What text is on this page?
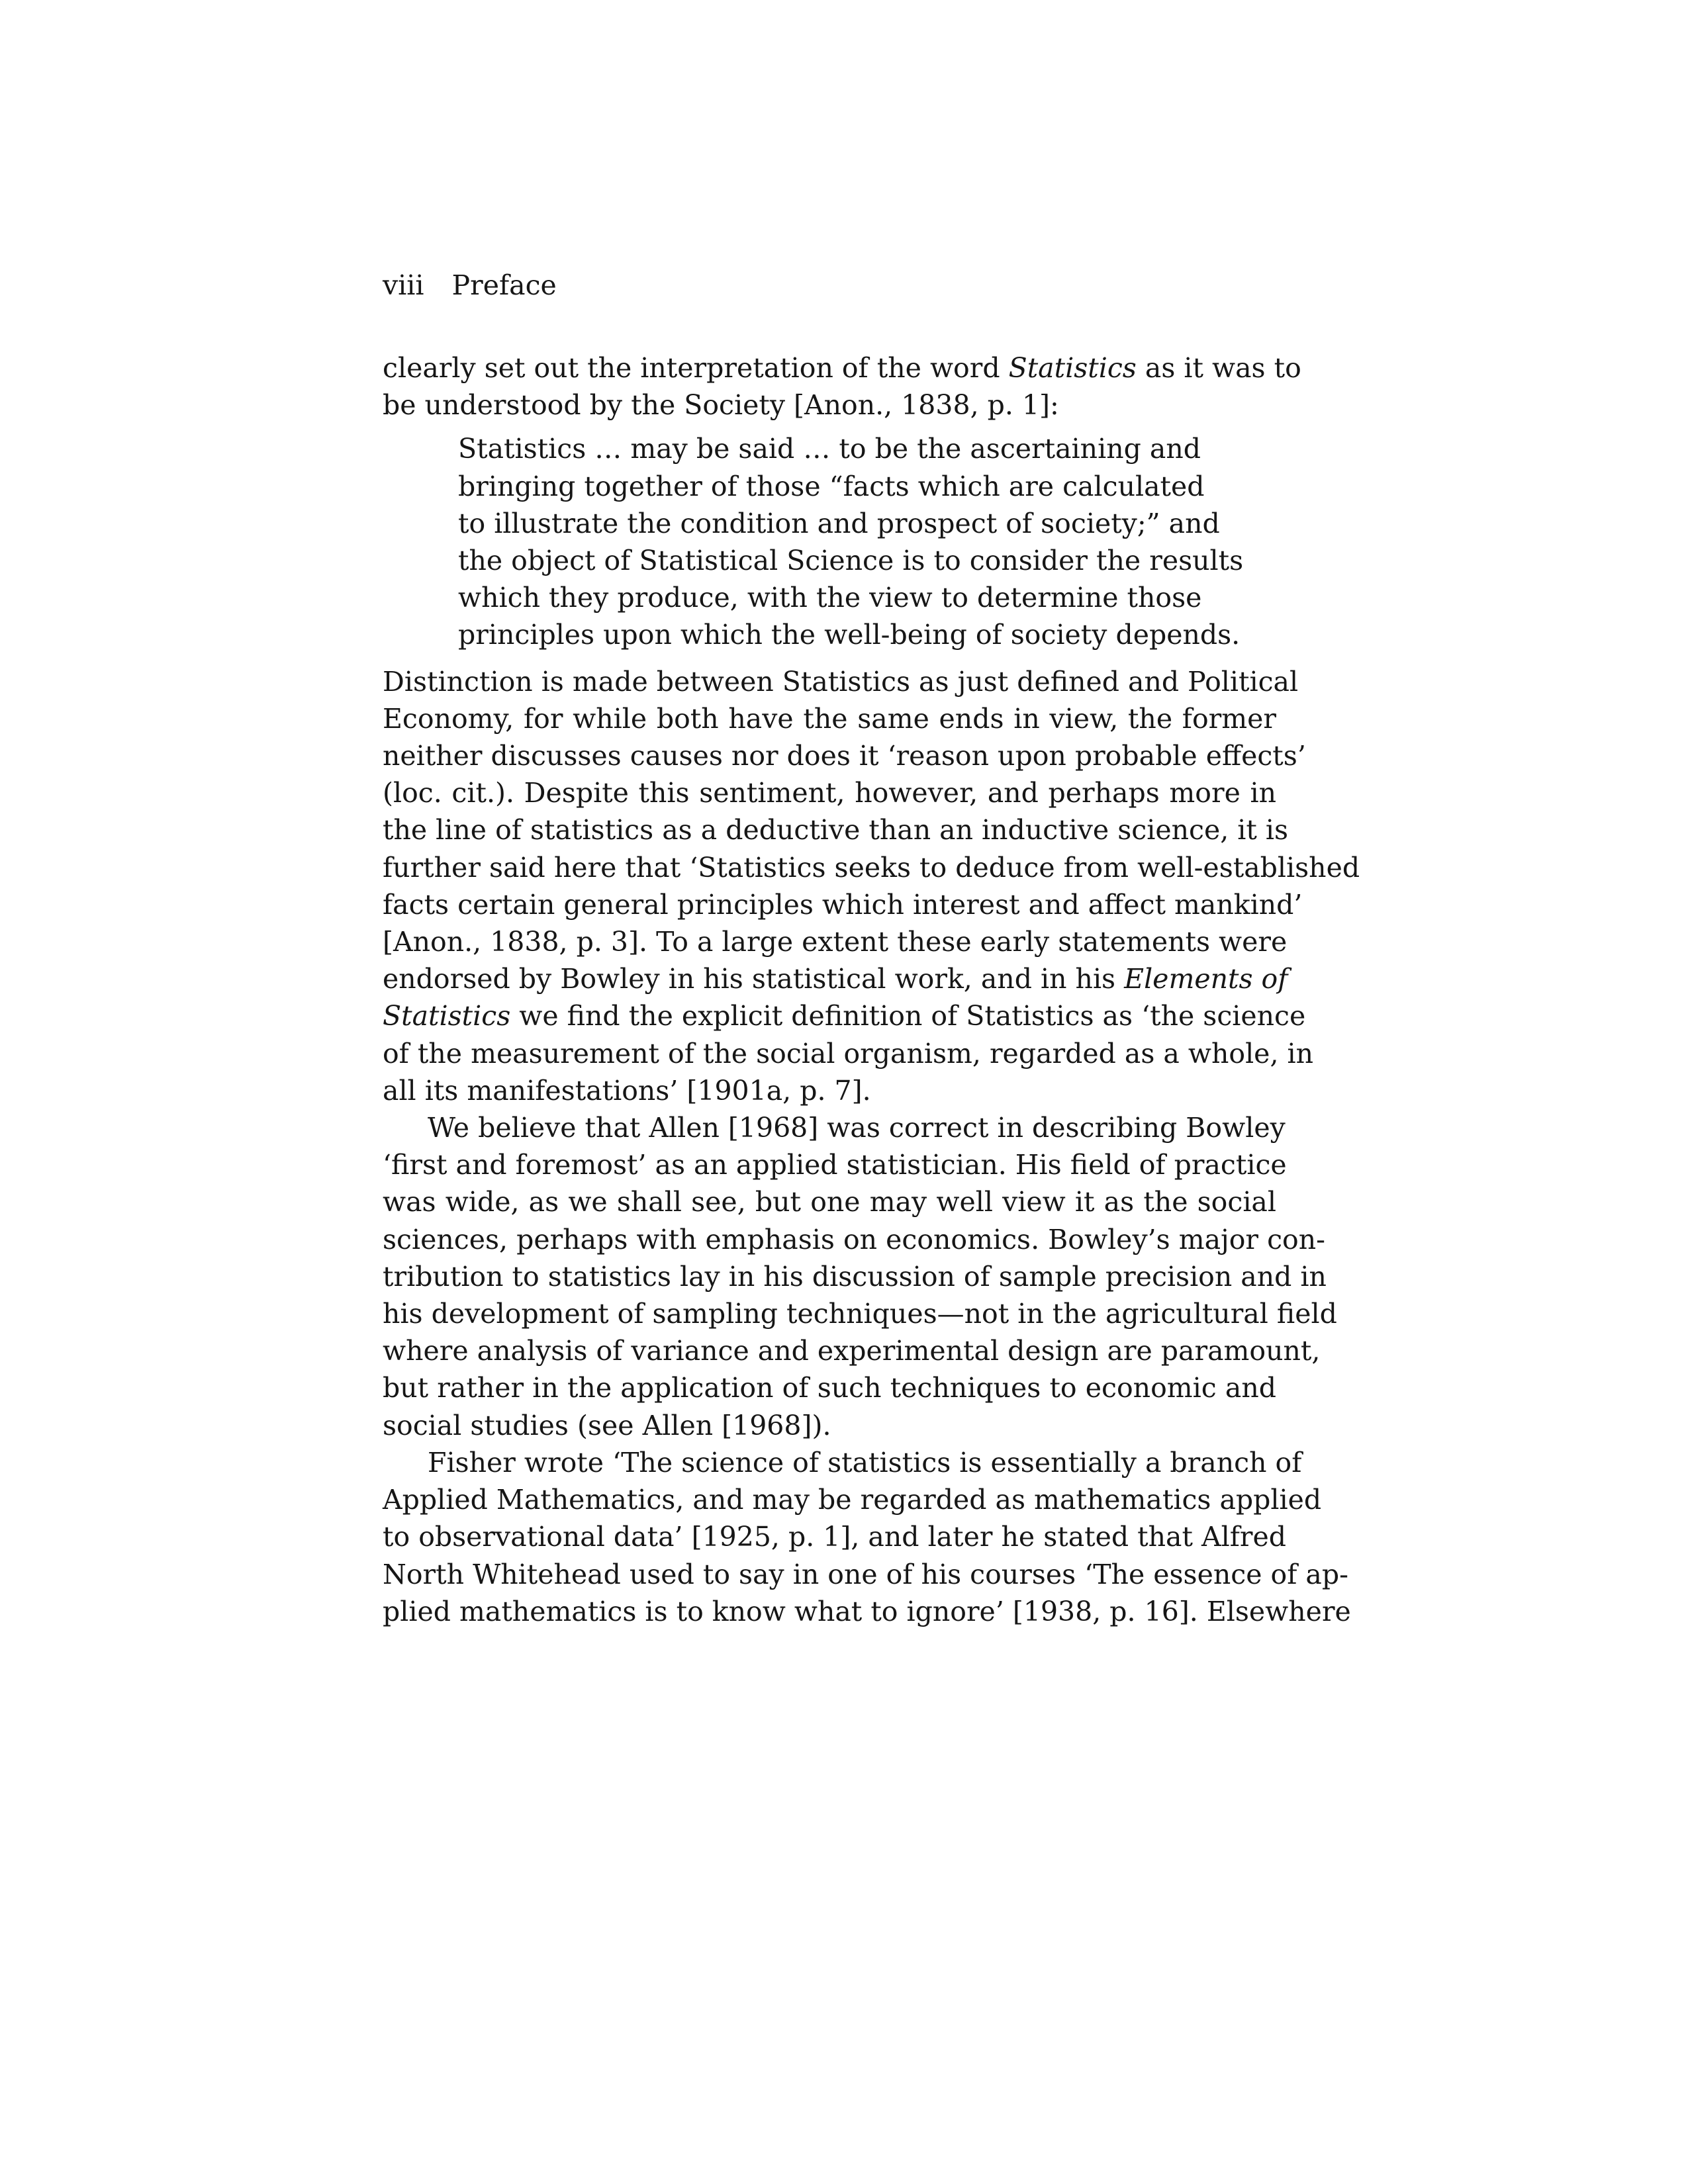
viii Preface
clearly set out the interpretation of the word Statistics as it was to
be understood by the Society [Anon., 1838, p. 1]:
Statistics … may be said … to be the ascertaining and
bringing together of those “facts which are calculated
to illustrate the condition and prospect of society;” and
the object of Statistical Science is to consider the results
which they produce, with the view to determine those
principles upon which the well-being of society depends.
Distinction is made between Statistics as just defined and Political
Economy, for while both have the same ends in view, the former
neither discusses causes nor does it ‘reason upon probable effects’
(loc. cit.). Despite this sentiment, however, and perhaps more in
the line of statistics as a deductive than an inductive science, it is
further said here that ‘Statistics seeks to deduce from well-established
facts certain general principles which interest and affect mankind’
[Anon., 1838, p. 3]. To a large extent these early statements were
endorsed by Bowley in his statistical work, and in his Elements of
Statistics we find the explicit definition of Statistics as ‘the science
of the measurement of the social organism, regarded as a whole, in
all its manifestations’ [1901a, p. 7].
We believe that Allen [1968] was correct in describing Bowley
‘first and foremost’ as an applied statistician. His field of practice
was wide, as we shall see, but one may well view it as the social
sciences, perhaps with emphasis on economics. Bowley’s major con-
tribution to statistics lay in his discussion of sample precision and in
his development of sampling techniques—not in the agricultural field
where analysis of variance and experimental design are paramount,
but rather in the application of such techniques to economic and
social studies (see Allen [1968]).
Fisher wrote ‘The science of statistics is essentially a branch of
Applied Mathematics, and may be regarded as mathematics applied
to observational data’ [1925, p. 1], and later he stated that Alfred
North Whitehead used to say in one of his courses ‘The essence of ap-
plied mathematics is to know what to ignore’ [1938, p. 16]. Elsewhere
